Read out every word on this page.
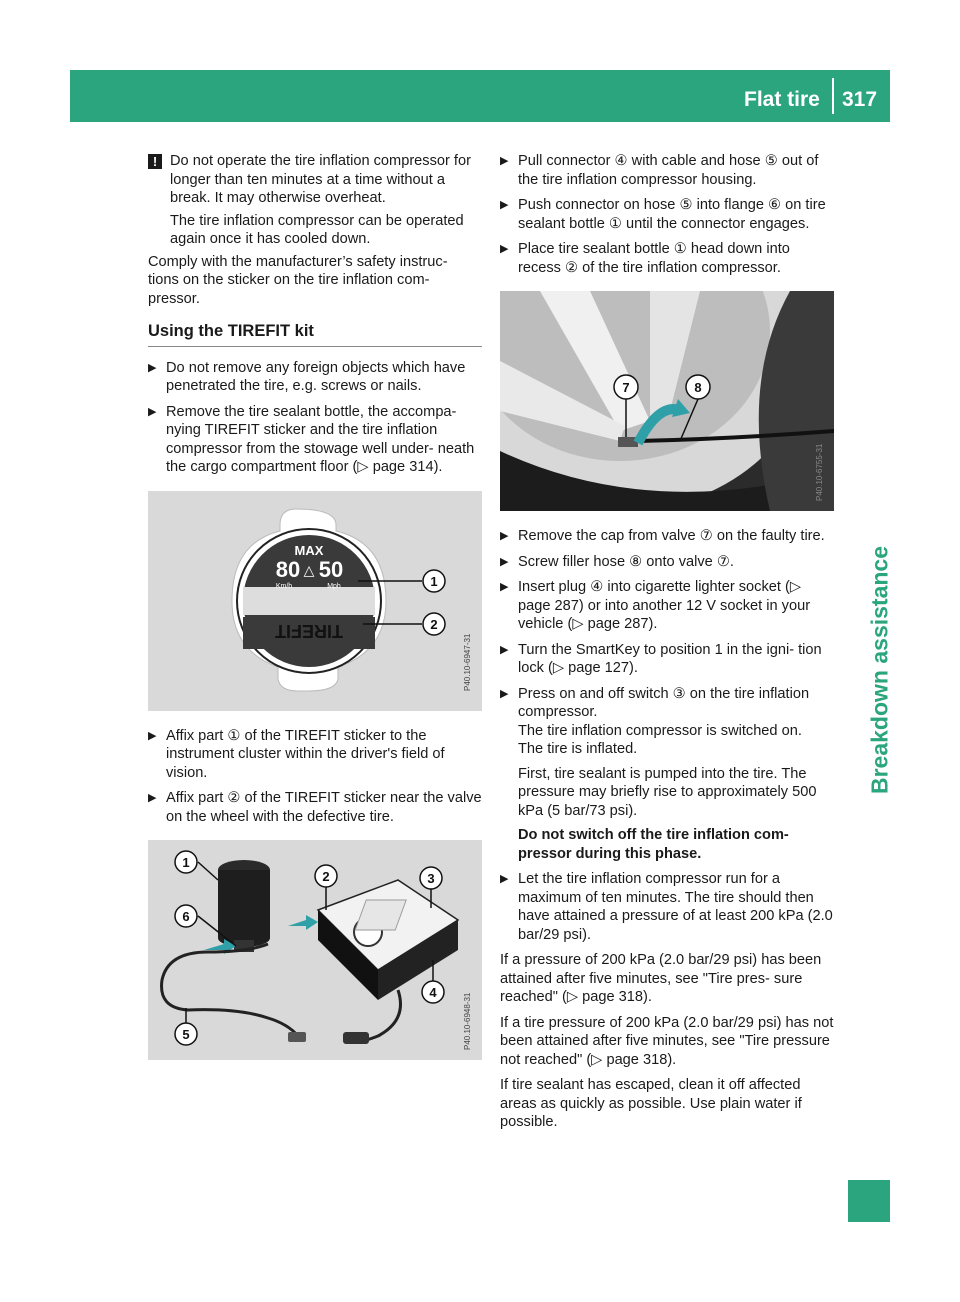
Flat tire 317
Breakdown assistance
! Do not operate the tire inflation compressor for longer than ten minutes at a time without a break. It may otherwise overheat.

The tire inflation compressor can be operated again once it has cooled down.

Comply with the manufacturer’s safety instruc- tions on the sticker on the tire inflation com- pressor.

Using the TIREFIT kit
▶ Do not remove any foreign objects which have penetrated the tire, e.g. screws or nails.
▶ Remove the tire sealant bottle, the accompa- nying TIREFIT sticker and the tire inflation compressor from the stowage well under- neath the cargo compartment floor (▷ page 314).
MAX
80 △ 50
Km/h	Mph
TIREFIT
1
2
P40.10-6947-31
▶ Affix part ① of the TIREFIT sticker to the instrument cluster within the driver's field of vision.
▶ Affix part ② of the TIREFIT sticker near the valve on the wheel with the defective tire.
1
2	3
4
5
6
P40.10-6948-31
▶ Pull connector ④ with cable and hose ⑤ out of the tire inflation compressor housing.
▶ Push connector on hose ⑤ into flange ⑥ on tire sealant bottle ① until the connector engages.
▶ Place tire sealant bottle ① head down into recess ② of the tire inflation compressor.
7	8
P40.10-6755-31
▶ Remove the cap from valve ⑦ on the faulty tire.
▶ Screw filler hose ⑧ onto valve ⑦.
▶ Insert plug ④ into cigarette lighter socket (▷ page 287) or into another 12 V socket in your vehicle (▷ page 287).
▶ Turn the SmartKey to position 1 in the igni- tion lock (▷ page 127).
▶ Press on and off switch ③ on the tire inflation compressor.
The tire inflation compressor is switched on.
The tire is inflated.

First, tire sealant is pumped into the tire. The pressure may briefly rise to approximately 500 kPa (5 bar/73 psi).

Do not switch off the tire inflation com- pressor during this phase.

▶ Let the tire inflation compressor run for a maximum of ten minutes. The tire should then have attained a pressure of at least 200 kPa (2.0 bar/29 psi).

If a pressure of 200 kPa (2.0 bar/29 psi) has been attained after five minutes, see "Tire pres- sure reached" (▷ page 318).

If a tire pressure of 200 kPa (2.0 bar/29 psi) has not been attained after five minutes, see "Tire pressure not reached" (▷ page 318).

If tire sealant has escaped, clean it off affected areas as quickly as possible. Use plain water if possible.
